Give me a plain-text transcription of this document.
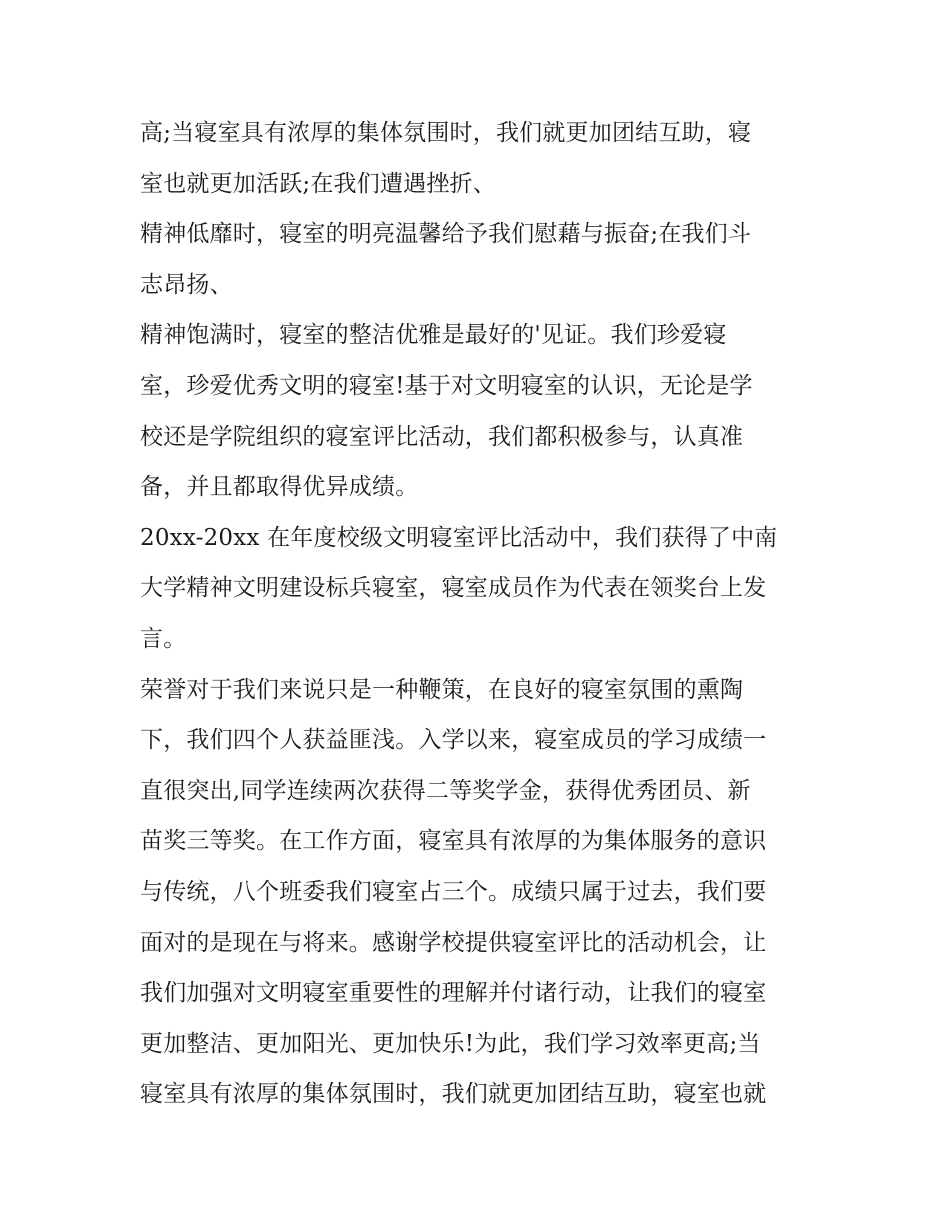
高;当寝室具有浓厚的集体氛围时，我们就更加团结互助，寝
室也就更加活跃;在我们遭遇挫折、
精神低靡时，寝室的明亮温馨给予我们慰藉与振奋;在我们斗
志昂扬、
精神饱满时，寝室的整洁优雅是最好的'见证。我们珍爱寝
室，珍爱优秀文明的寝室!基于对文明寝室的认识，无论是学
校还是学院组织的寝室评比活动，我们都积极参与，认真准
备，并且都取得优异成绩。
20xx-20xx 在年度校级文明寝室评比活动中，我们获得了中南
大学精神文明建设标兵寝室，寝室成员作为代表在领奖台上发
言。
荣誉对于我们来说只是一种鞭策，在良好的寝室氛围的熏陶
下，我们四个人获益匪浅。入学以来，寝室成员的学习成绩一
直很突出,同学连续两次获得二等奖学金，获得优秀团员、新
苗奖三等奖。在工作方面，寝室具有浓厚的为集体服务的意识
与传统，八个班委我们寝室占三个。成绩只属于过去，我们要
面对的是现在与将来。感谢学校提供寝室评比的活动机会，让
我们加强对文明寝室重要性的理解并付诸行动，让我们的寝室
更加整洁、更加阳光、更加快乐!为此，我们学习效率更高;当
寝室具有浓厚的集体氛围时，我们就更加团结互助，寝室也就
